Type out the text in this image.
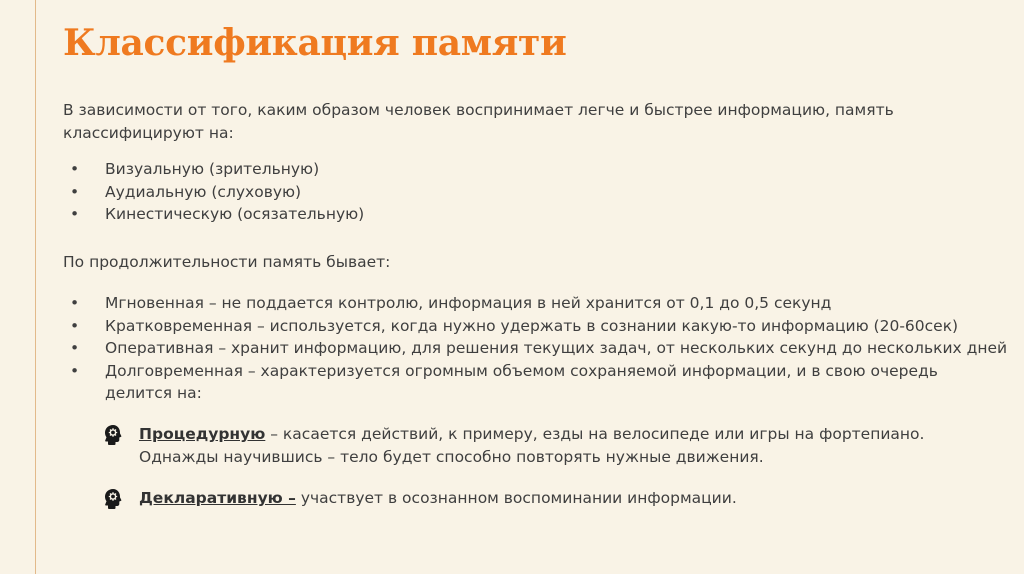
Классификация памяти

В зависимости от того, каким образом человек воспринимает легче и быстрее информацию, память классифицируют на:

• Визуальную (зрительную)
• Аудиальную (слуховую)
• Кинестическую (осязательную)

По продолжительности память бывает:

• Мгновенная – не поддается контролю, информация в ней хранится от 0,1 до 0,5 секунд
• Кратковременная – используется, когда нужно удержать в сознании какую-то информацию (20-60сек)
• Оперативная – хранит информацию, для решения текущих задач, от нескольких секунд до нескольких дней
• Долговременная – характеризуется огромным объемом сохраняемой информации, и в свою очередь делится на:
Процедурную – касается действий, к примеру, езды на велосипеде или игры на фортепиано. Однажды научившись – тело будет способно повторять нужные движения.
Декларативную – участвует в осознанном воспоминании информации.
